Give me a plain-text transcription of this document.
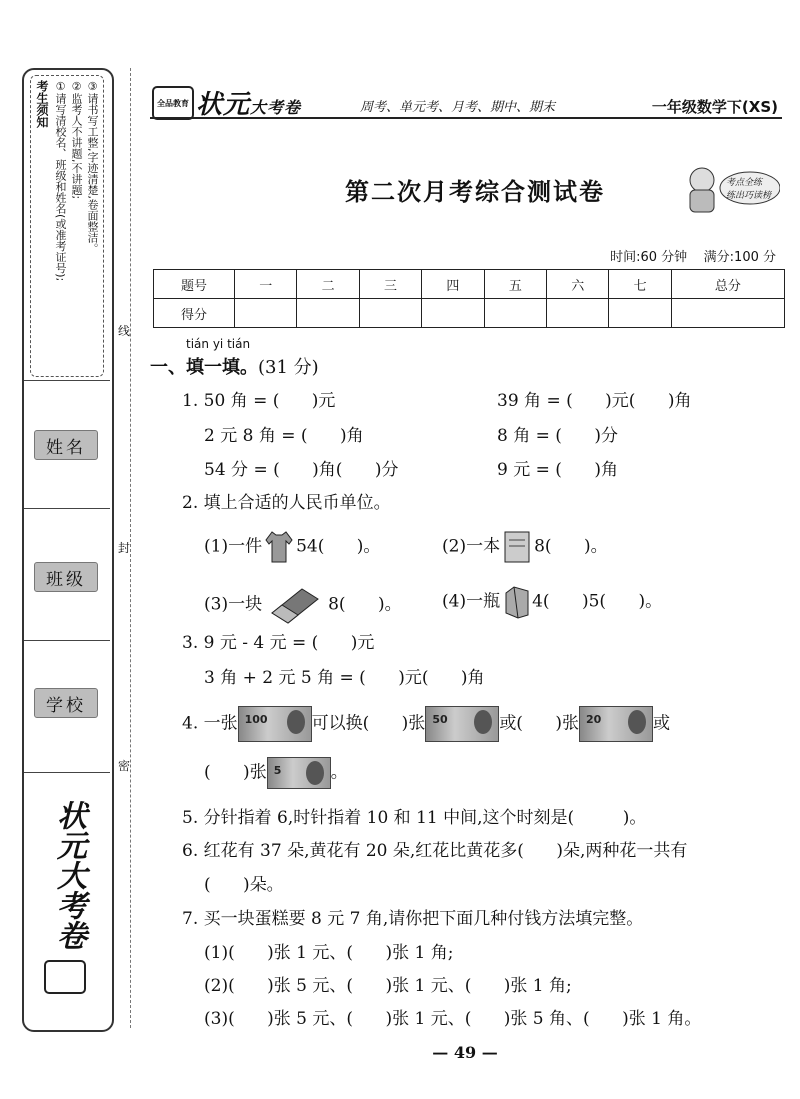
考生须知 ①请写清校名、班级和姓名(或准考证号); ②监考人不讲题,不讲题; ③请书写工整,字迹清楚,卷面整洁。
姓名
班级
学校
状元大考卷
线
封
密
全品教育 状元大考卷	周考、单元考、月考、期中、期末	一年级数学下(XS)
第二次月考综合测试卷	考点全练
练出巧读榜
时间:60 分钟 满分:100 分
题号	一	二	三	四	五	六	七	总分
得分								
tián yi tián
一、填一填。(31 分)
1. 50 角 = (      )元	39 角 = (      )元(      )角
2 元 8 角 = (      )角	8 角 = (      )分
54 分 = (      )角(      )分	9 元 = (      )角
2. 填上合适的人民币单位。
(1)一件 54(      )。	(2)一本 8(      )。
(3)一块	8(      )。 (4)一瓶 4(      )5(      )。
3. 9 元 - 4 元 = (      )元
3 角 + 2 元 5 角 = (      )元(      )角
4. 一张 100	可以换(      )张 50	或(      )张 20	或
(      )张 5	。
5. 分针指着 6,时针指着 10 和 11 中间,这个时刻是(         )。
6. 红花有 37 朵,黄花有 20 朵,红花比黄花多(      )朵,两种花一共有
(      )朵。
7. 买一块蛋糕要 8 元 7 角,请你把下面几种付钱方法填完整。
(1)(      )张 1 元、(      )张 1 角;
(2)(      )张 5 元、(      )张 1 元、(      )张 1 角;
(3)(      )张 5 元、(      )张 1 元、(      )张 5 角、(      )张 1 角。
— 49 —
